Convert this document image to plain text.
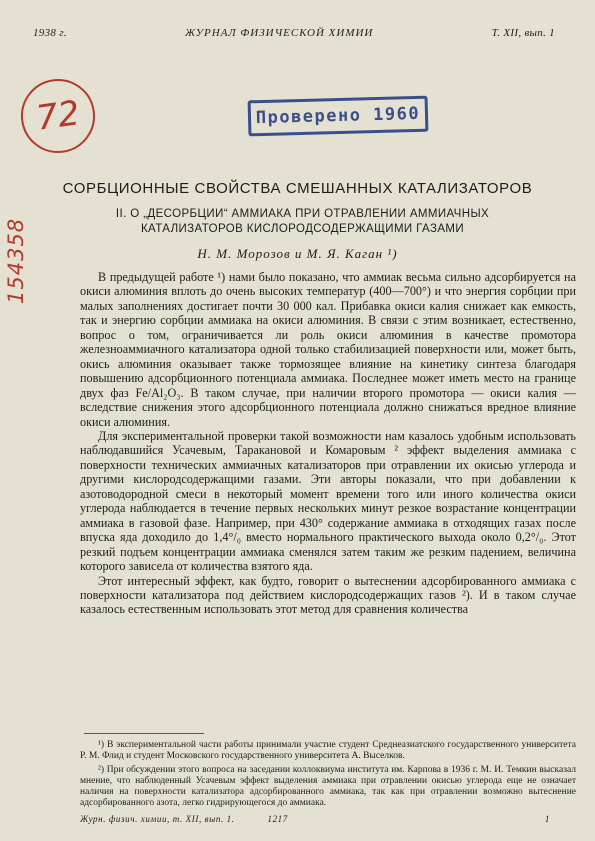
1938 г.	ЖУРНАЛ ФИЗИЧЕСКОЙ ХИМИИ	Т. XII, вып. 1
72
154358
Проверено 1960
СОРБЦИОННЫЕ СВОЙСТВА СМЕШАННЫХ КАТАЛИЗАТОРОВ
II. О „ДЕСОРБЦИИ“ АММИАКА ПРИ ОТРАВЛЕНИИ АММИАЧНЫХ
КАТАЛИЗАТОРОВ КИСЛОРОДСОДЕРЖАЩИМИ ГАЗАМИ
Н. М. Морозов и М. Я. Каган ¹)

В предыдущей работе ¹) нами было показано, что аммиак весьма сильно адсорбируется на окиси алюминия вплоть до очень высоких температур (400—700°) и что энергия сорбции при малых заполнениях достигает почти 30 000 кал. Прибавка окиси калия снижает как емкость, так и энергию сорбции аммиака на окиси алюминия. В связи с этим возникает, естественно, вопрос о том, ограничивается ли роль окиси алюминия в качестве промотора железноаммиачного катализатора одной только стабилизацией поверхности или, может быть, окись алюминия оказывает также тормозящее влияние на кинетику синтеза благодаря повышению адсорбционного потенциала аммиака. Последнее может иметь место на границе двух фаз Fe/Al₂O₃. В таком случае, при наличии второго промотора — окиси калия — вследствие снижения этого адсорбционного потенциала должно снижаться вредное влияние окиси алюминия.

Для экспериментальной проверки такой возможности нам казалось удобным использовать наблюдавшийся Усачевым, Таракановой и Комаровым ² эффект выделения аммиака с поверхности технических аммиачных катализаторов при отравлении их окисью углерода и другими кислородсодержащими газами. Эти авторы показали, что при добавлении к азотоводородной смеси в некоторый момент времени того или иного количества окиси углерода наблюдается в течение первых нескольких минут резкое возрастание концентрации аммиака в газовой фазе. Например, при 430° содержание аммиака в отходящих газах после впуска яда доходило до 1,4°/₀ вместо нормального практического выхода около 0,2°/₀. Этот резкий подъем концентрации аммиака сменялся затем таким же резким падением, величина которого зависела от количества взятого яда.

Этот интересный эффект, как будто, говорит о вытеснении адсорбированного аммиака с поверхности катализатора под действием кислородсодержащих газов ²). И в таком случае казалось естественным использовать этот метод для сравнения количества

¹) В экспериментальной части работы принимали участие студент Среднеазиатского государственного университета Р. М. Флид и студент Московского государственного университета А. Выселков.

²) При обсуждении этого вопроса на заседании коллоквиума института им. Карпова в 1936 г. М. И. Темкин высказал мнение, что наблюденный Усачевым эффект выделения аммиака при отравлении окисью углерода еще не означает наличия на поверхности катализатора адсорбированного аммиака, так как при отравлении возможно вытеснение адсорбированного азота, легко гидрирующегося до аммиака.

Журн. физич. химии, т. XII, вып. 1.	1217	1
